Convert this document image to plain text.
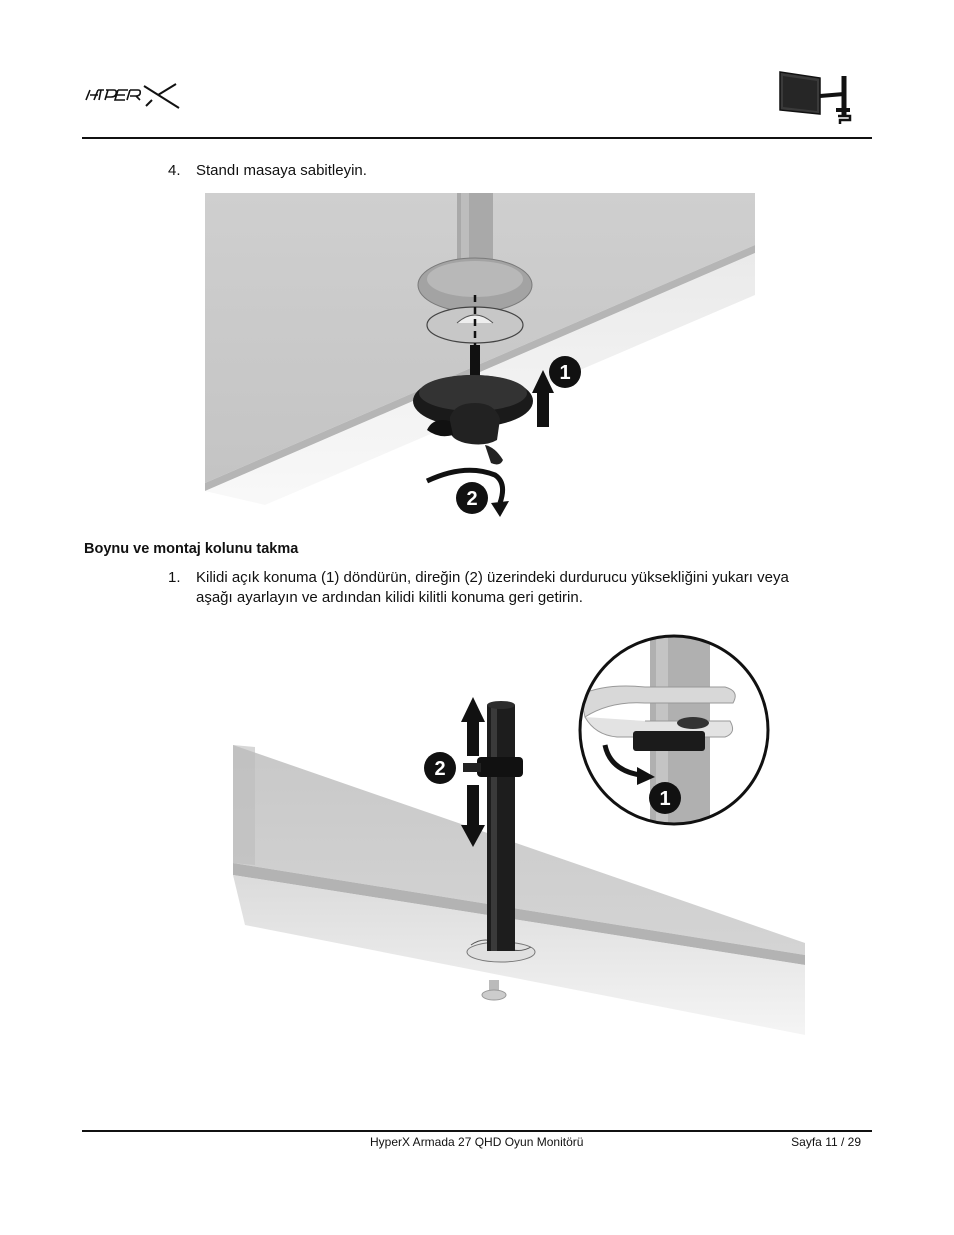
4. Standı masaya sabitleyin.
1
2
Boynu ve montaj kolunu takma
1. Kilidi açık konuma (1) döndürün, direğin (2) üzerindeki durdurucu yüksekliğini yukarı veya
aşağı ayarlayın ve ardından kilidi kilitli konuma geri getirin.
2
1
HyperX Armada 27 QHD Oyun Monitörü	Sayfa 11 / 29
